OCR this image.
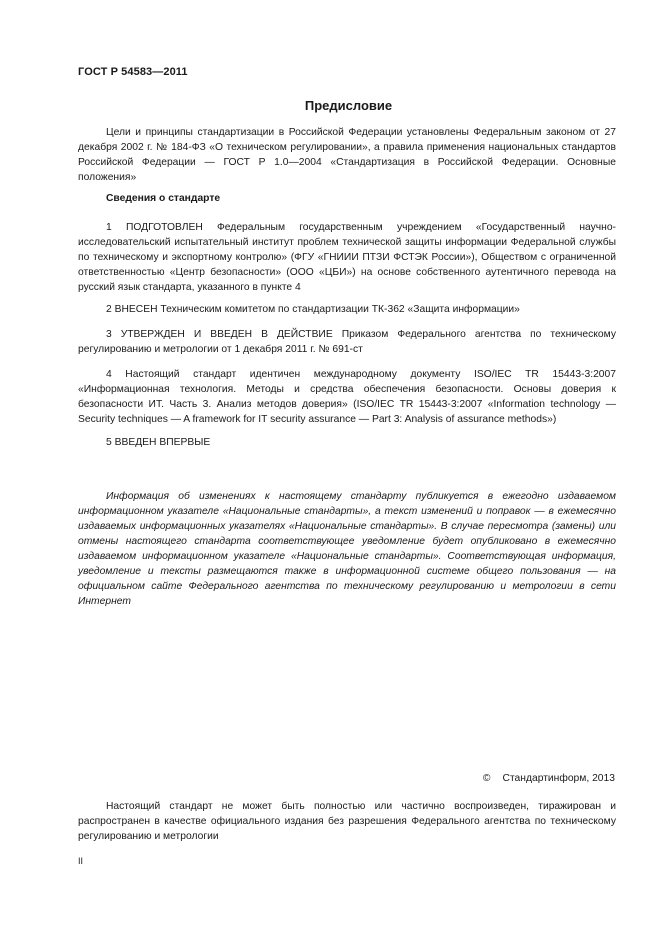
ГОСТ Р 54583—2011
Предисловие

Цели и принципы стандартизации в Российской Федерации установлены Федеральным законом от 27 декабря 2002 г. № 184-ФЗ «О техническом регулировании», а правила применения национальных стандартов Российской Федерации — ГОСТ Р 1.0—2004 «Стандартизация в Российской Федерации. Основные положения»

Сведения о стандарте

1 ПОДГОТОВЛЕН Федеральным государственным учреждением «Государственный научно-исследовательский испытательный институт проблем технической защиты информации Федеральной службы по техническому и экспортному контролю» (ФГУ «ГНИИИ ПТЗИ ФСТЭК России»), Обществом с ограниченной ответственностью «Центр безопасности» (ООО «ЦБИ») на основе собственного аутентичного перевода на русский язык стандарта, указанного в пункте 4

2 ВНЕСЕН Техническим комитетом по стандартизации ТК-362 «Защита информации»

3 УТВЕРЖДЕН И ВВЕДЕН В ДЕЙСТВИЕ Приказом Федерального агентства по техническому регулированию и метрологии от 1 декабря 2011 г. № 691-ст

4 Настоящий стандарт идентичен международному документу ISO/IEC TR 15443-3:2007 «Информационная технология. Методы и средства обеспечения безопасности. Основы доверия к безопасности ИТ. Часть 3. Анализ методов доверия» (ISO/IEC TR 15443-3:2007 «Information technology — Security techniques — A framework for IT security assurance — Part 3: Analysis of assurance methods»)

5 ВВЕДЕН ВПЕРВЫЕ

Информация об изменениях к настоящему стандарту публикуется в ежегодно издаваемом информационном указателе «Национальные стандарты», а текст изменений и поправок — в ежемесячно издаваемых информационных указателях «Национальные стандарты». В случае пересмотра (замены) или отмены настоящего стандарта соответствующее уведомление будет опубликовано в ежемесячно издаваемом информационном указателе «Национальные стандарты». Соответствующая информация, уведомление и тексты размещаются также в информационной системе общего пользования — на официальном сайте Федерального агентства по техническому регулированию и метрологии в сети Интернет

© Стандартинформ, 2013

Настоящий стандарт не может быть полностью или частично воспроизведен, тиражирован и распространен в качестве официального издания без разрешения Федерального агентства по техническому регулированию и метрологии

II
